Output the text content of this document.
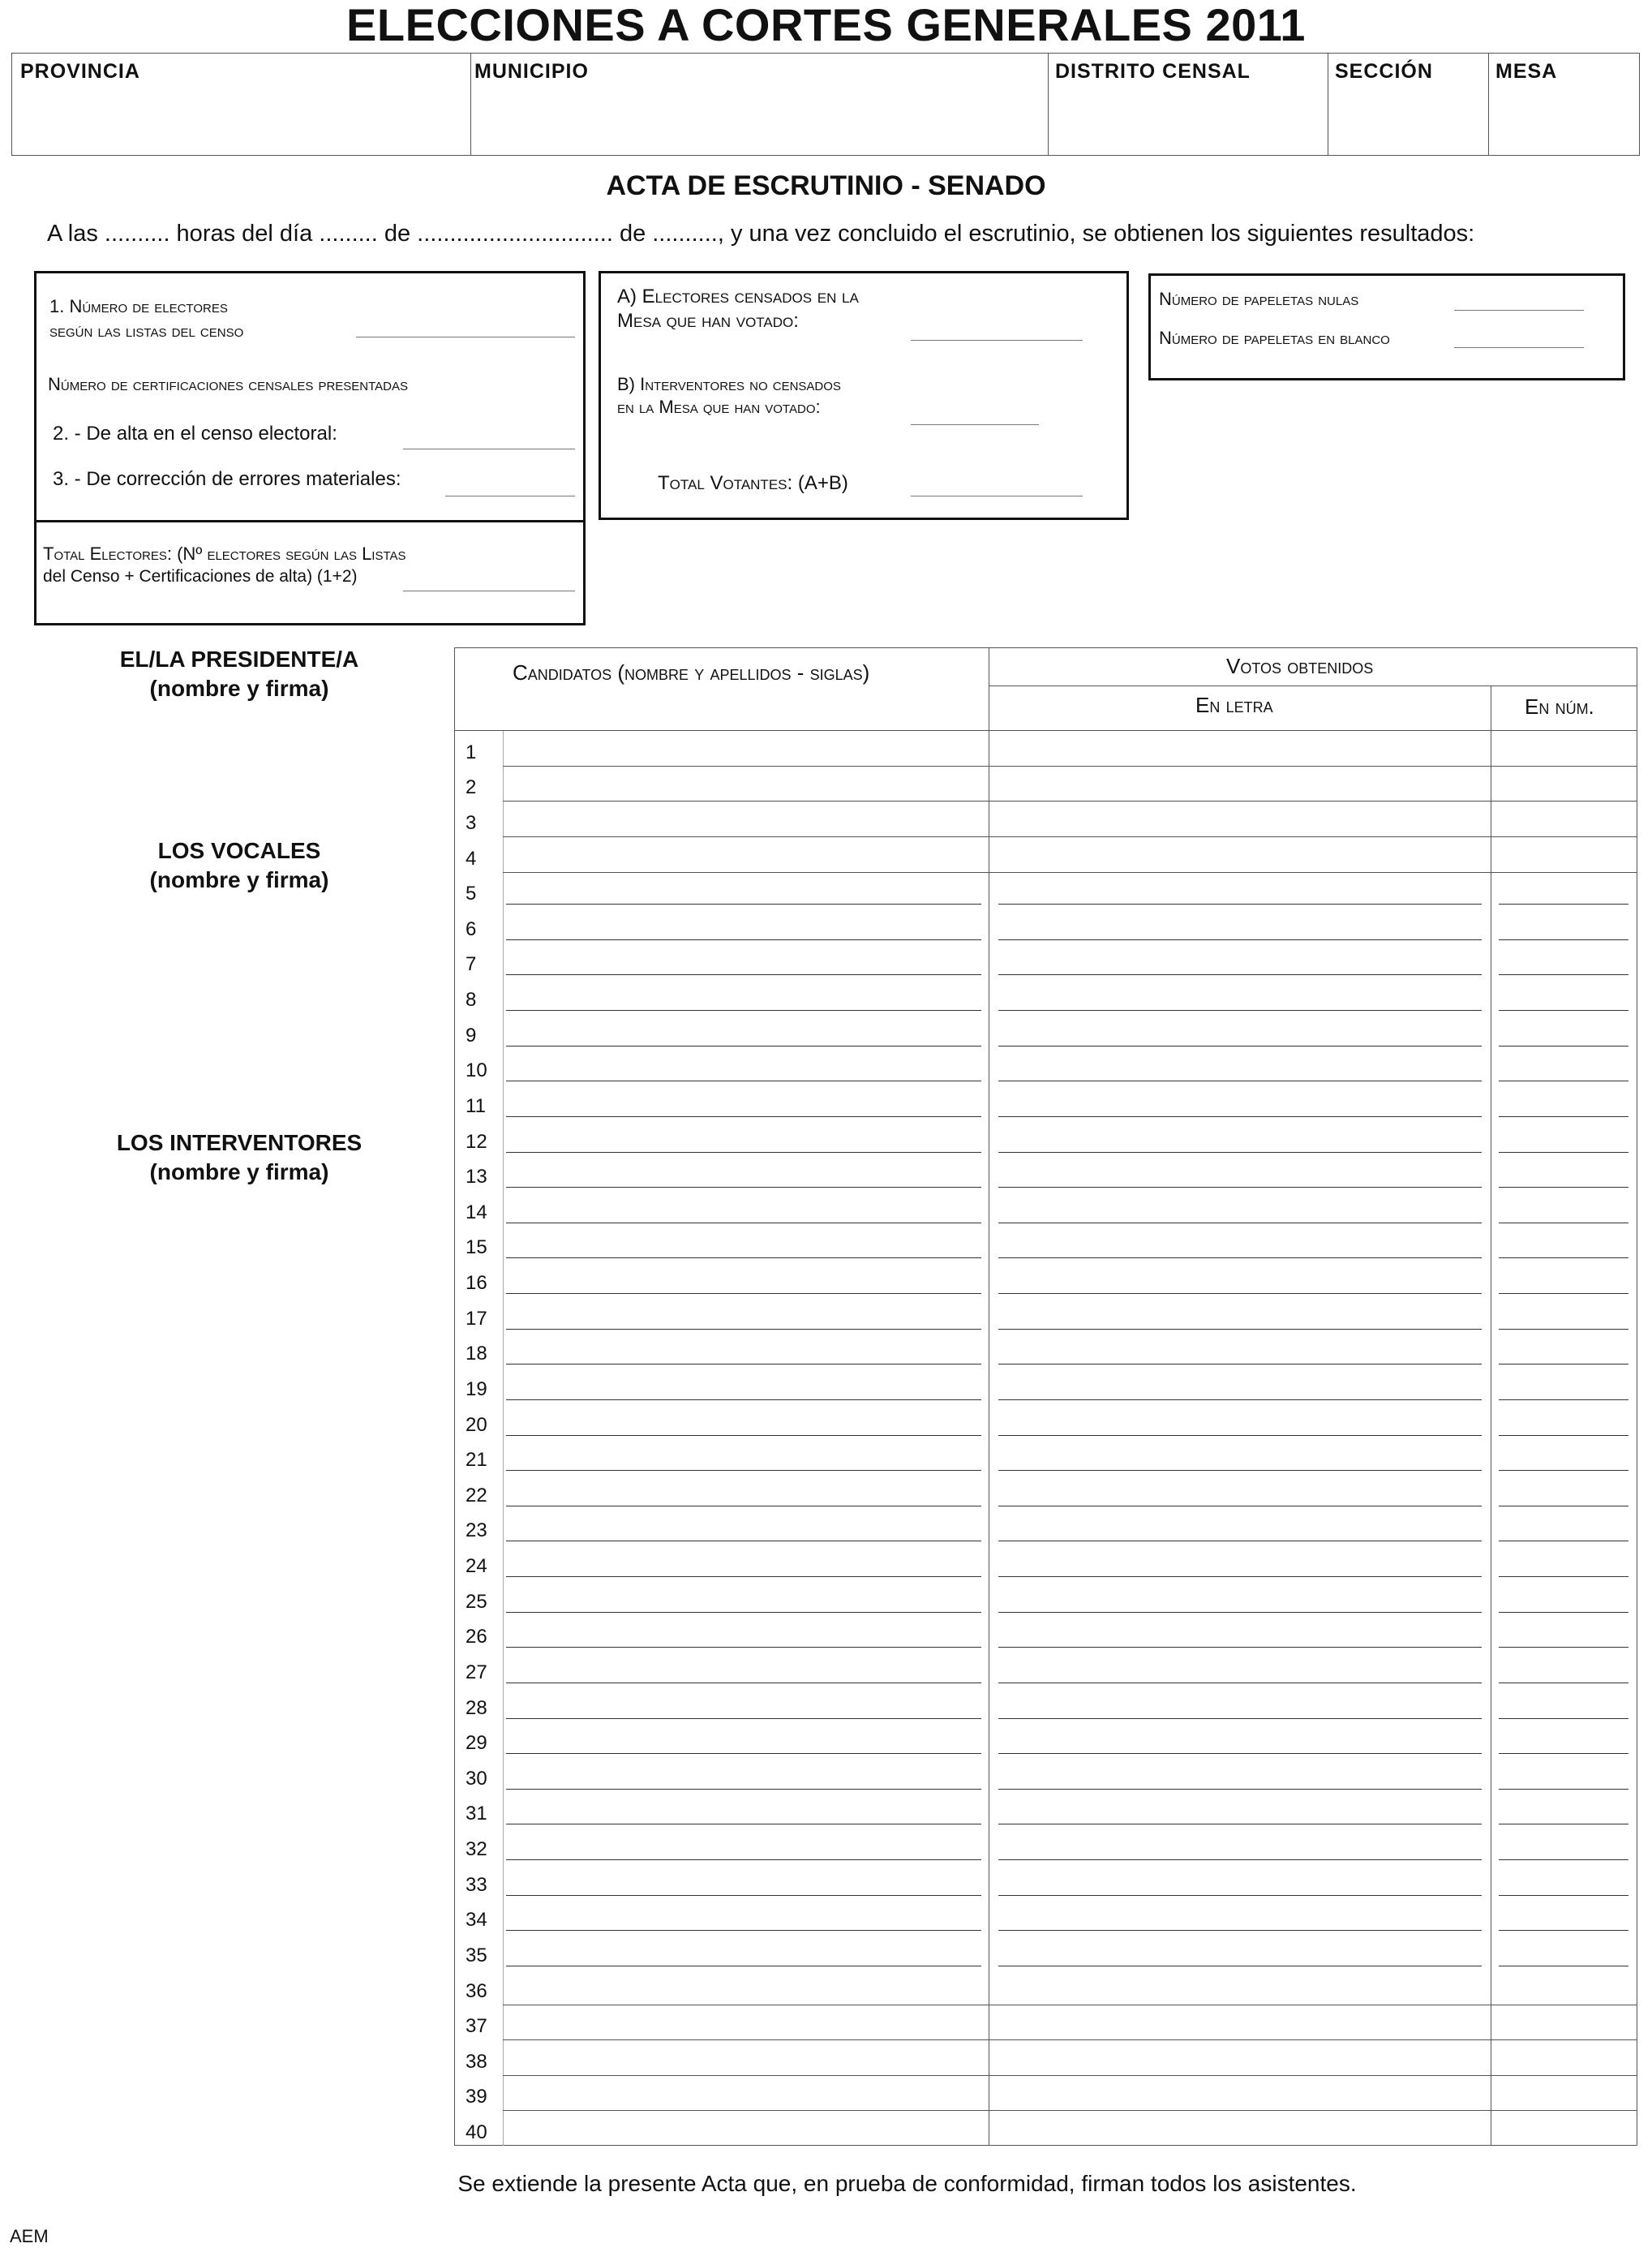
ELECCIONES A CORTES GENERALES 2011
PROVINCIA	MUNICIPIO	DISTRITO CENSAL	SECCIÓN	MESA
ACTA DE ESCRUTINIO - SENADO
A las .......... horas del día ......... de .............................. de .........., y una vez concluido el escrutinio, se obtienen los siguientes resultados:
1. Número de electores
según las listas del censo
Número de certificaciones censales presentadas
2. - De alta en el censo electoral:
3. - De corrección de errores materiales:
Total Electores: (Nº electores según las Listas
del Censo + Certificaciones de alta) (1+2)
A) Electores censados en la
Mesa que han votado:
B) Interventores no censados
en la Mesa que han votado:
Total Votantes: (A+B)
Número de papeletas nulas
Número de papeletas en blanco
EL/LA PRESIDENTE/A
(nombre y firma)
LOS VOCALES
(nombre y firma)
LOS INTERVENTORES
(nombre y firma)
Candidatos (nombre y apellidos - siglas)	Votos obtenidos
En letra	En núm.
1
2
3
4
5
6
7
8
9
10
11
12
13
14
15
16
17
18
19
20
21
22
23
24
25
26
27
28
29
30
31
32
33
34
35
36
37
38
39
40
Se extiende la presente Acta que, en prueba de conformidad, firman todos los asistentes.
AEM
